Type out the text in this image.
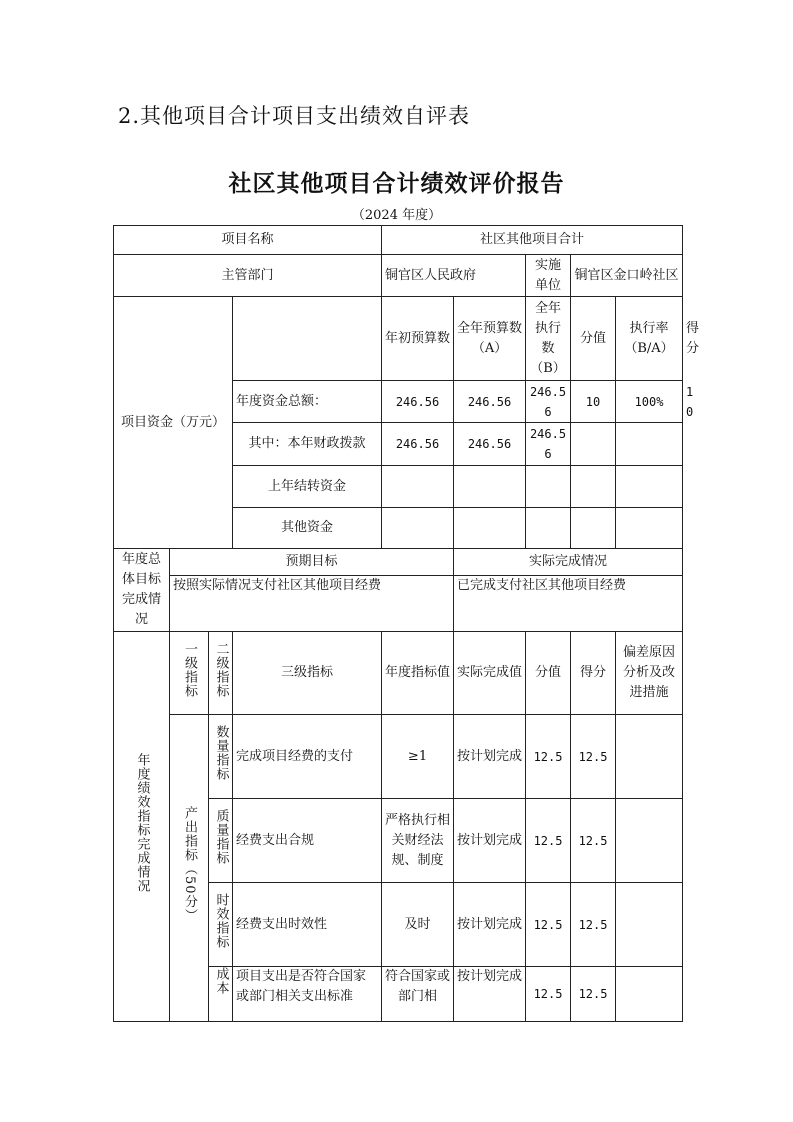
2.其他项目合计项目支出绩效自评表
社区其他项目合计绩效评价报告
（2024 年度）
项目名称				社区其他项目合计					
主管部门				铜官区人民政府		实施单位	铜官区金口岭社区		
项目资金（万元）				年初预算数	全年预算数（A）	全年执行数（B）	分值	执行率（B/A）	得分
			年度资金总额：	246.56	246.56	246.56	10	100%	10
			其中：本年财政拨款	246.56	246.56	246.56			
			上年结转资金						
			其他资金						
年度总体目标完成情况	预期目标				实际完成情况				
	按照实际情况支付社区其他项目经费				已完成支付社区其他项目经费				
年度绩效指标完成情况	一级指标	二级指标	三级指标	年度指标值	实际完成值	分值	得分	偏差原因分析及改进措施	
	产出指标（50分）	数量指标	完成项目经费的支付	≥1	按计划完成	12.5	12.5		
		质量指标	经费支出合规	严格执行相关财经法规、制度	按计划完成	12.5	12.5		
		时效指标	经费支出时效性	及时	按计划完成	12.5	12.5		
		成本	项目支出是否符合国家或部门相关支出标准	符合国家或部门相	按计划完成	12.5	12.5		
